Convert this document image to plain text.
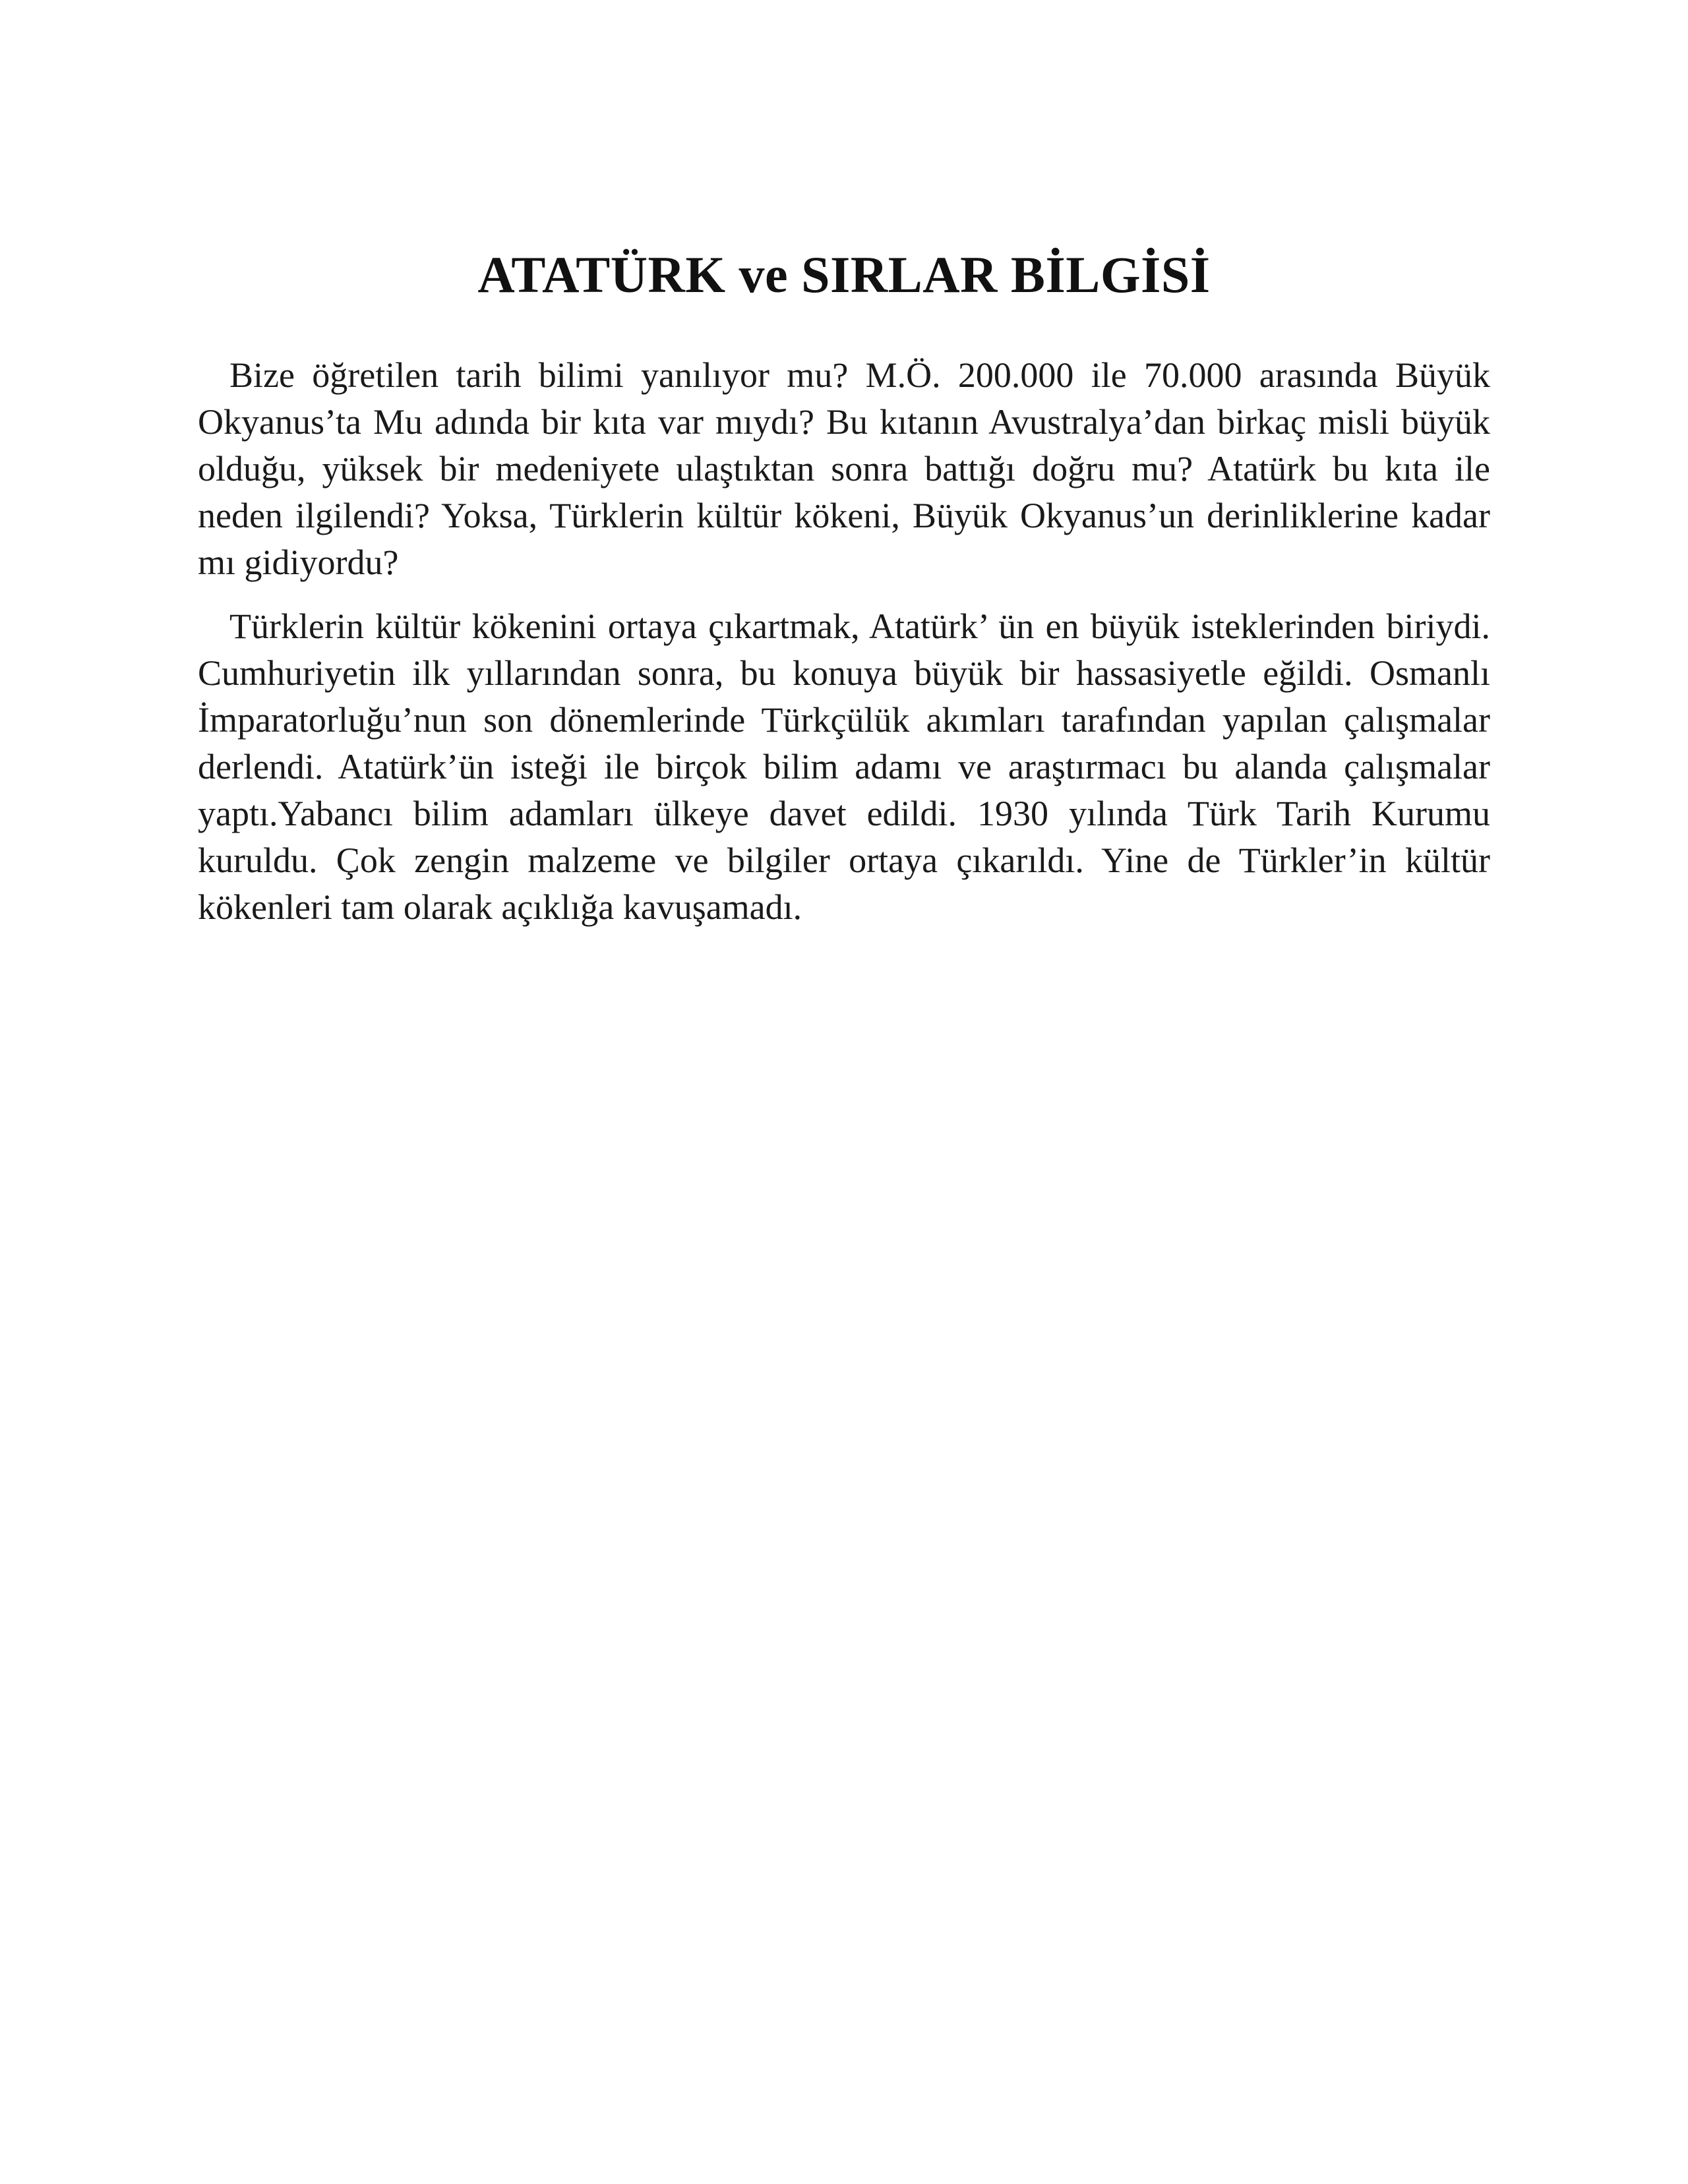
ATATÜRK ve SIRLAR BİLGİSİ

Bize öğretilen tarih bilimi yanılıyor mu? M.Ö. 200.000 ile 70.000 arasında Büyük Okyanus’ta Mu adında bir kıta var mıydı? Bu kıtanın Avustralya’dan birkaç misli büyük olduğu, yüksek bir medeniyete ulaştıktan sonra battığı doğru mu? Atatürk bu kıta ile neden ilgilendi? Yoksa, Türklerin kültür kökeni, Büyük Okyanus’un derinliklerine kadar mı gidiyordu?

Türklerin kültür kökenini ortaya çıkartmak, Atatürk’ ün en büyük isteklerinden biriydi. Cumhuriyetin ilk yıllarından sonra, bu konuya büyük bir hassasiyetle eğildi. Osmanlı İmparatorluğu’nun son dönemlerinde Türkçülük akımları tarafından yapılan çalışmalar derlendi. Atatürk’ün isteği ile birçok bilim adamı ve araştırmacı bu alanda çalışmalar yaptı.Yabancı bilim adamları ülkeye davet edildi. 1930 yılında Türk Tarih Kurumu kuruldu. Çok zengin malzeme ve bilgiler ortaya çıkarıldı. Yine de Türkler’in kültür kökenleri tam olarak açıklığa kavuşamadı.
